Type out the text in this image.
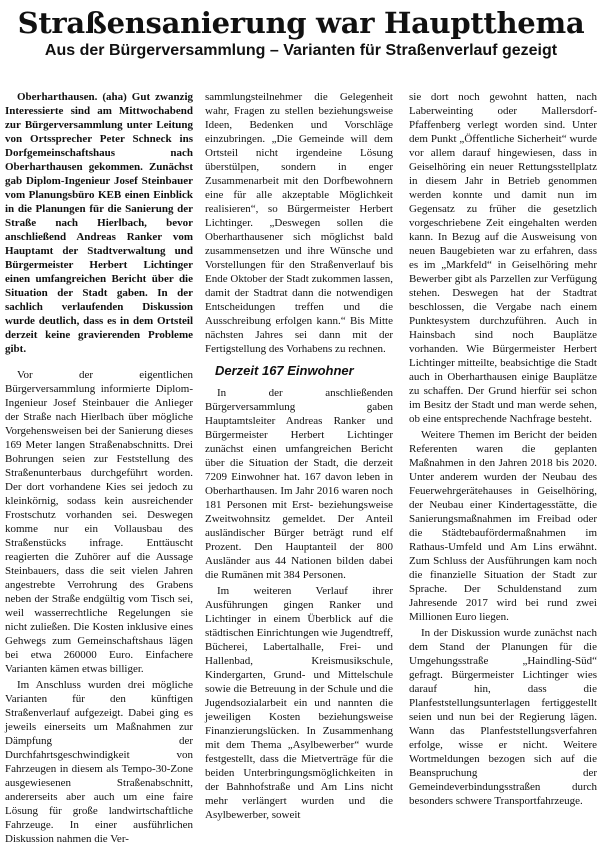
Straßensanierung war Hauptthema
Aus der Bürgerversammlung – Varianten für Straßenverlauf gezeigt

Oberharthausen. (aha) Gut zwanzig Interessierte sind am Mittwochabend zur Bürgerversammlung unter Leitung von Ortssprecher Peter Schneck ins Dorfgemeinschaftshaus nach Oberharthausen gekommen. Zunächst gab Diplom-Ingenieur Josef Steinbauer vom Planungsbüro KEB einen Einblick in die Planungen für die Sanierung der Straße nach Hierlbach, bevor anschließend Andreas Ranker vom Hauptamt der Stadtverwaltung und Bürgermeister Herbert Lichtinger einen umfangreichen Bericht über die Situation der Stadt gaben. In der sachlich verlaufenden Diskussion wurde deutlich, dass es in dem Ortsteil derzeit keine gravierenden Probleme gibt.

Vor der eigentlichen Bürgerversammlung informierte Diplom-Ingenieur Josef Steinbauer die Anlieger der Straße nach Hierlbach über mögliche Vorgehensweisen bei der Sanierung dieses 169 Meter langen Straßenabschnitts. Drei Bohrungen seien zur Feststellung des Straßenunterbaus durchgeführt worden. Der dort vorhandene Kies sei jedoch zu kleinkörnig, sodass kein ausreichender Frostschutz vorhanden sei. Deswegen komme nur ein Vollausbau des Straßenstücks infrage. Enttäuscht reagierten die Zuhörer auf die Aussage Steinbauers, dass die seit vielen Jahren angestrebte Verrohrung des Grabens neben der Straße endgültig vom Tisch sei, weil wasserrechtliche Regelungen sie nicht zuließen. Die Kosten inklusive eines Gehwegs zum Gemeinschaftshaus lägen bei etwa 260000 Euro. Einfachere Varianten kämen etwas billiger.

Im Anschluss wurden drei mögliche Varianten für den künftigen Straßenverlauf aufgezeigt. Dabei ging es jeweils einerseits um Maßnahmen zur Dämpfung der Durchfahrtsgeschwindigkeit von Fahrzeugen in diesem als Tempo-30-Zone ausgewiesenen Straßenabschnitt, andererseits aber auch um eine faire Lösung für große landwirtschaftliche Fahrzeuge. In einer ausführlichen Diskussion nahmen die Ver-

sammlungsteilnehmer die Gelegenheit wahr, Fragen zu stellen beziehungsweise Ideen, Bedenken und Vorschläge einzubringen. „Die Gemeinde will dem Ortsteil nicht irgendeine Lösung überstülpen, sondern in enger Zusammenarbeit mit den Dorfbewohnern eine für alle akzeptable Möglichkeit realisieren“, so Bürgermeister Herbert Lichtinger. „Deswegen sollen die Oberharthausener sich möglichst bald zusammensetzen und ihre Wünsche und Vorstellungen für den Straßenverlauf bis Ende Oktober der Stadt zukommen lassen, damit der Stadtrat dann die notwendigen Entscheidungen treffen und die Ausschreibung erfolgen kann.“ Bis Mitte nächsten Jahres sei dann mit der Fertigstellung des Vorhabens zu rechnen.

Derzeit 167 Einwohner

In der anschließenden Bürgerversammlung gaben Hauptamtsleiter Andreas Ranker und Bürgermeister Herbert Lichtinger zunächst einen umfangreichen Bericht über die Situation der Stadt, die derzeit 7209 Einwohner hat. 167 davon leben in Oberharthausen. Im Jahr 2016 waren noch 181 Personen mit Erst- beziehungsweise Zweitwohnsitz gemeldet. Der Anteil ausländischer Bürger beträgt rund elf Prozent. Den Hauptanteil der 800 Ausländer aus 44 Nationen bilden dabei die Rumänen mit 384 Personen.

Im weiteren Verlauf ihrer Ausführungen gingen Ranker und Lichtinger in einem Überblick auf die städtischen Einrichtungen wie Jugendtreff, Bücherei, Labertalhalle, Frei- und Hallenbad, Kreismusikschule, Kindergarten, Grund- und Mittelschule sowie die Betreuung in der Schule und die Jugendsozialarbeit ein und nannten die jeweiligen Kosten beziehungsweise Finanzierungslücken. In Zusammenhang mit dem Thema „Asylbewerber“ wurde festgestellt, dass die Mietverträge für die beiden Unterbringungsmöglichkeiten in der Bahnhofstraße und Am Lins nicht mehr verlängert wurden und die Asylbewerber, soweit

sie dort noch gewohnt hatten, nach Laberweinting oder Mallersdorf-Pfaffenberg verlegt worden sind. Unter dem Punkt „Öffentliche Sicherheit“ wurde vor allem darauf hingewiesen, dass in Geiselhöring ein neuer Rettungsstellplatz in diesem Jahr in Betrieb genommen werden konnte und damit nun im Gegensatz zu früher die gesetzlich vorgeschriebene Zeit eingehalten werden kann. In Bezug auf die Ausweisung von neuen Baugebieten war zu erfahren, dass es im „Markfeld“ in Geiselhöring mehr Bewerber gibt als Parzellen zur Verfügung stehen. Deswegen hat der Stadtrat beschlossen, die Vergabe nach einem Punktesystem durchzuführen. Auch in Hainsbach sind noch Bauplätze vorhanden. Wie Bürgermeister Herbert Lichtinger mitteilte, beabsichtige die Stadt auch in Oberharthausen einige Bauplätze zu schaffen. Der Grund hierfür sei schon im Besitz der Stadt und man werde sehen, ob eine entsprechende Nachfrage besteht.

Weitere Themen im Bericht der beiden Referenten waren die geplanten Maßnahmen in den Jahren 2018 bis 2020. Unter anderem wurden der Neubau des Feuerwehrgerätehauses in Geiselhöring, der Neubau einer Kindertagesstätte, die Sanierungsmaßnahmen im Freibad oder die Städtebaufördermaßnahmen im Rathaus-Umfeld und Am Lins erwähnt. Zum Schluss der Ausführungen kam noch die finanzielle Situation der Stadt zur Sprache. Der Schuldenstand zum Jahresende 2017 wird bei rund zwei Millionen Euro liegen.

In der Diskussion wurde zunächst nach dem Stand der Planungen für die Umgehungsstraße „Haindling-Süd“ gefragt. Bürgermeister Lichtinger wies darauf hin, dass die Planfeststellungsunterlagen fertiggestellt seien und nun bei der Regierung lägen. Wann das Planfeststellungsverfahren erfolge, wisse er nicht. Weitere Wortmeldungen bezogen sich auf die Beanspruchung der Gemeindeverbindungsstraßen durch besonders schwere Transportfahrzeuge.
